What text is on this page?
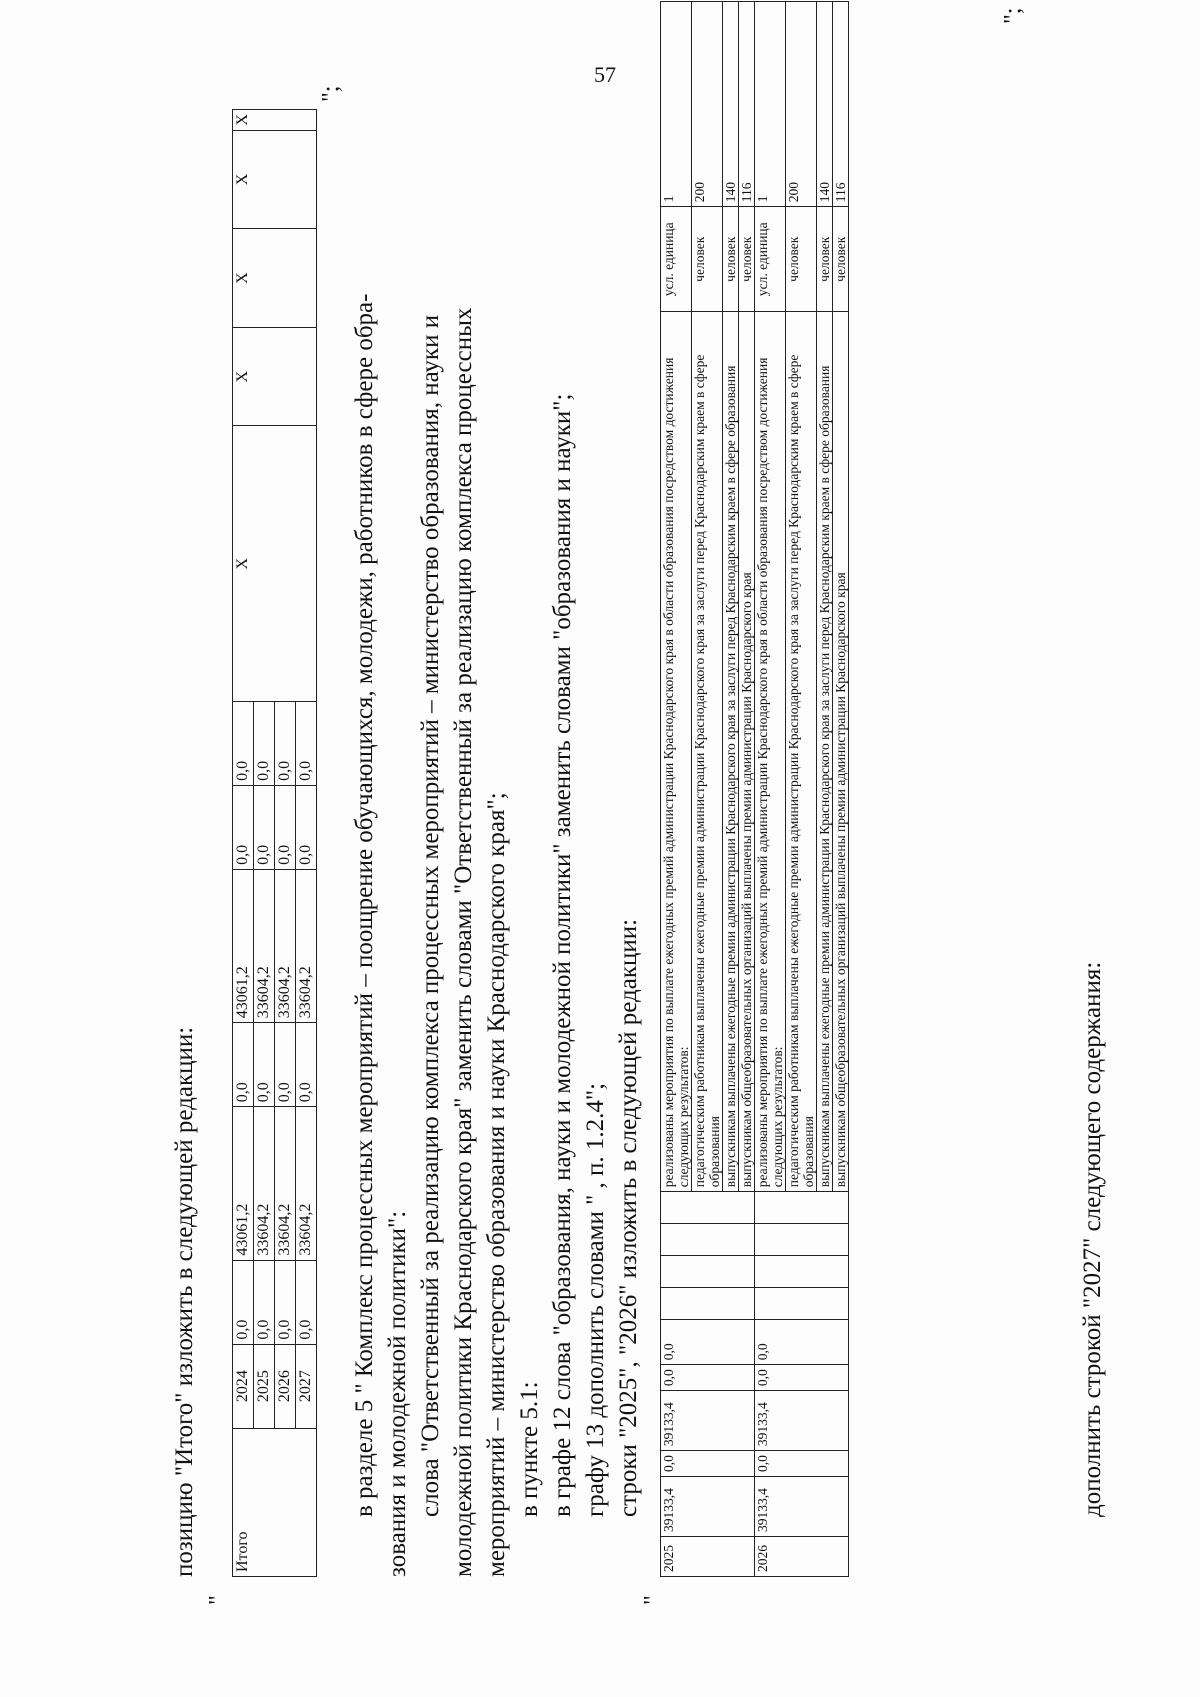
57
позицию "Итого" изложить в следующей редакции:
"
Итого	2024	0,0	43061,2	0,0	43061,2	0,0	0,0	X	X	X	X	X
	2025	0,0	33604,2	0,0	33604,2	0,0	0,0					
	2026	0,0	33604,2	0,0	33604,2	0,0	0,0					
	2027	0,0	33604,2	0,0	33604,2	0,0	0,0					
";
в разделе 5 " Комплекс процессных мероприятий – поощрение обучающихся, молодежи, работников в сфере обра- зования и молодежной политики": слова "Ответственный за реализацию комплекса процессных мероприятий – министерство образования, науки и молодежной политики Краснодарского края" заменить словами "Ответственный за реализацию комплекса процессных мероприятий – министерство образования и науки Краснодарского края"; в пункте 5.1: в графе 12 слова "образования, науки и молодежной политики" заменить словами "образования и науки"; графу 13 дополнить словами " , п. 1.2.4"; строки "2025", "2026" изложить в следующей редакции:
"
2025	39133,4	0,0	39133,4	0,0	0,0					реализованы мероприятия по выплате ежегодных премий администрации Краснодарского края в области образования посредством достижения следующих результатов:	усл. единица	1
										педагогическим работникам выплачены ежегодные премии администрации Краснодарского края за заслуги перед Краснодарским краем в сфере образования	человек	200
										выпускникам выплачены ежегодные премии администрации Краснодарского края за заслуги перед Краснодарским краем в сфере образования	человек	140
										выпускникам общеобразовательных организаций выплачены премии администрации Краснодарского края	человек	116
2026	39133,4	0,0	39133,4	0,0	0,0					реализованы мероприятия по выплате ежегодных премий администрации Краснодарского края в области образования посредством достижения следующих результатов:	усл. единица	1
										педагогическим работникам выплачены ежегодные премии администрации Краснодарского края за заслуги перед Краснодарским краем в сфере образования	человек	200
										выпускникам выплачены ежегодные премии администрации Краснодарского края за заслуги перед Краснодарским краем в сфере образования	человек	140
										выпускникам общеобразовательных организаций выплачены премии администрации Краснодарского края	человек	116
";
дополнить строкой "2027" следующего содержания:
